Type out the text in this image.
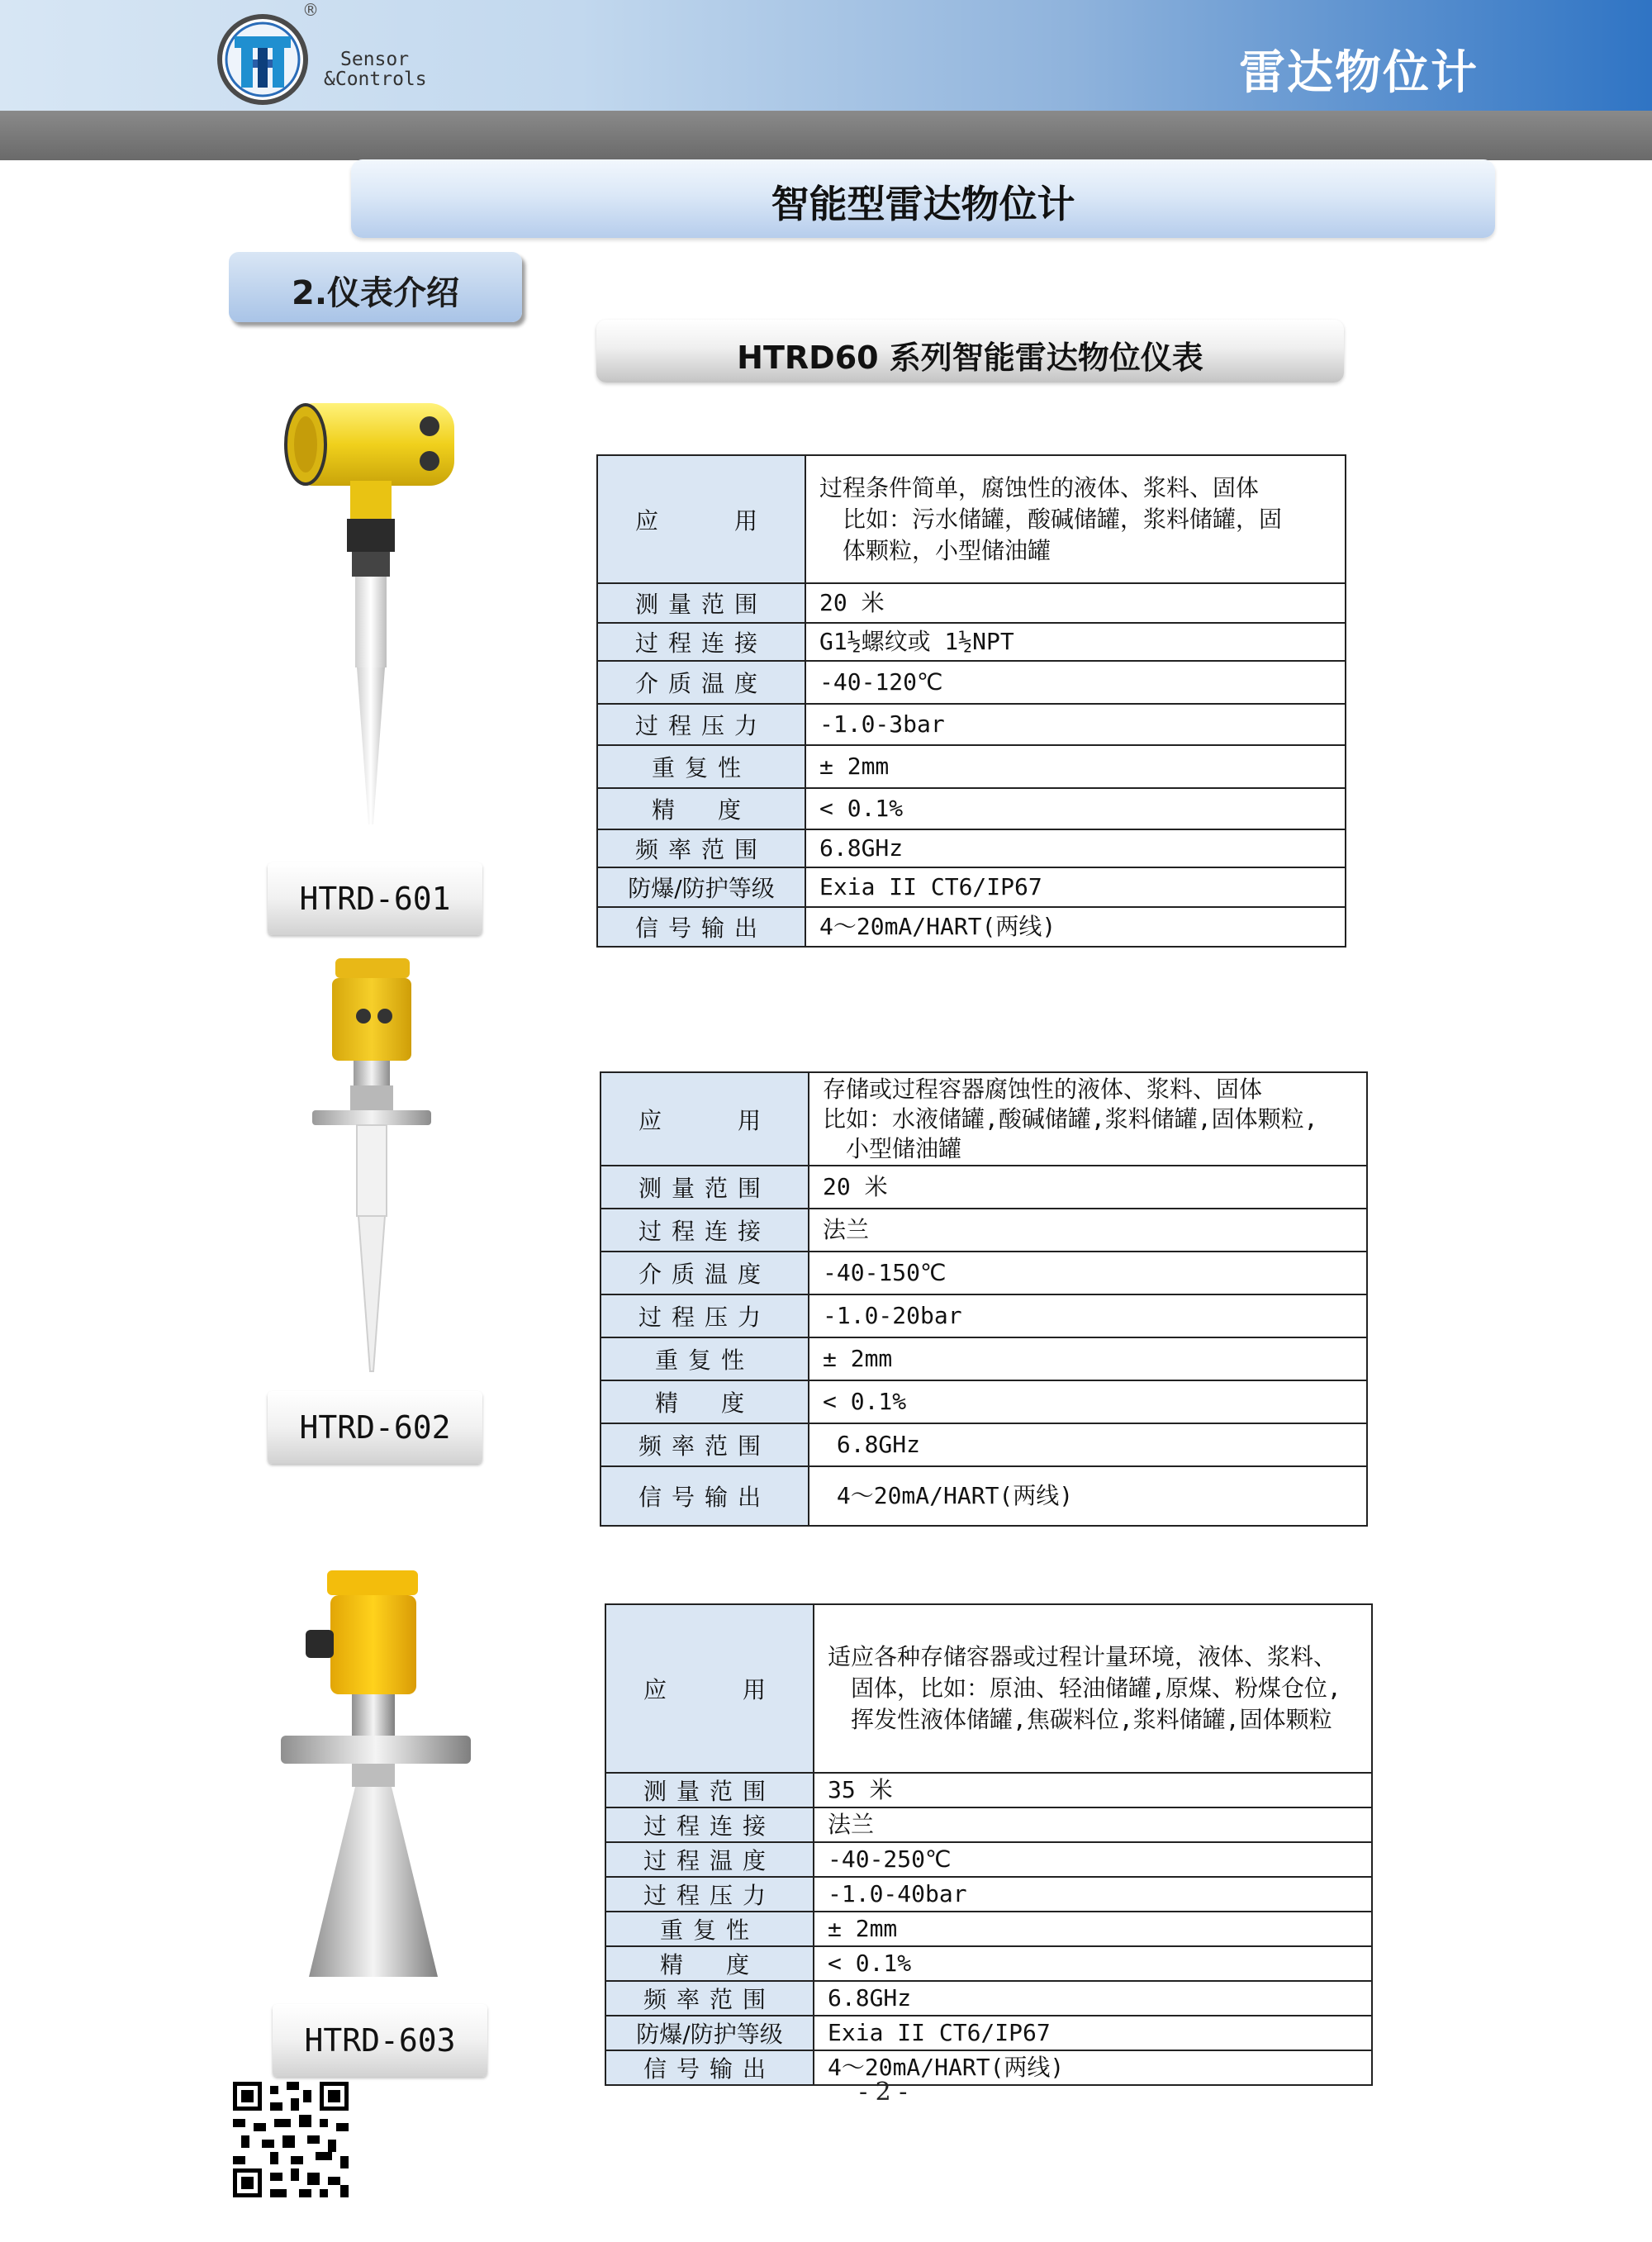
®
Sensor
&Controls	雷达物位计
智能型雷达物位计
2.仪表介绍
HTRD60 系列智能雷达物位仪表
HTRD-601
HTRD-602
HTRD-603
应　　用	过程条件简单，腐蚀性的液体、浆料、固体
　比如：污水储罐，酸碱储罐，浆料储罐，固
　体颗粒，小型储油罐
测量范围	20 米
过程连接	G1½螺纹或 1½NPT
介质温度	-40-120℃
过程压力	-1.0-3bar
重复性	± 2mm
精　度	< 0.1%
频率范围	6.8GHz
防爆/防护等级	Exia II CT6/IP67
信号输出	4～20mA/HART(两线)
应　　用	存储或过程容器腐蚀性的液体、浆料、固体
比如：水液储罐,酸碱储罐,浆料储罐,固体颗粒,
　小型储油罐
测量范围	20 米
过程连接	法兰
介质温度	-40-150℃
过程压力	-1.0-20bar
重复性	± 2mm
精　度	< 0.1%
频率范围	6.8GHz
信号输出	4～20mA/HART(两线)
应　　用	适应各种存储容器或过程计量环境，液体、浆料、
　固体，比如：原油、轻油储罐,原煤、粉煤仓位,
　挥发性液体储罐,焦碳料位,浆料储罐,固体颗粒
测量范围	35 米
过程连接	法兰
过程温度	-40-250℃
过程压力	-1.0-40bar
重复性	± 2mm
精　度	< 0.1%
频率范围	6.8GHz
防爆/防护等级	Exia II CT6/IP67
信号输出	4～20mA/HART(两线)
- 2 -
